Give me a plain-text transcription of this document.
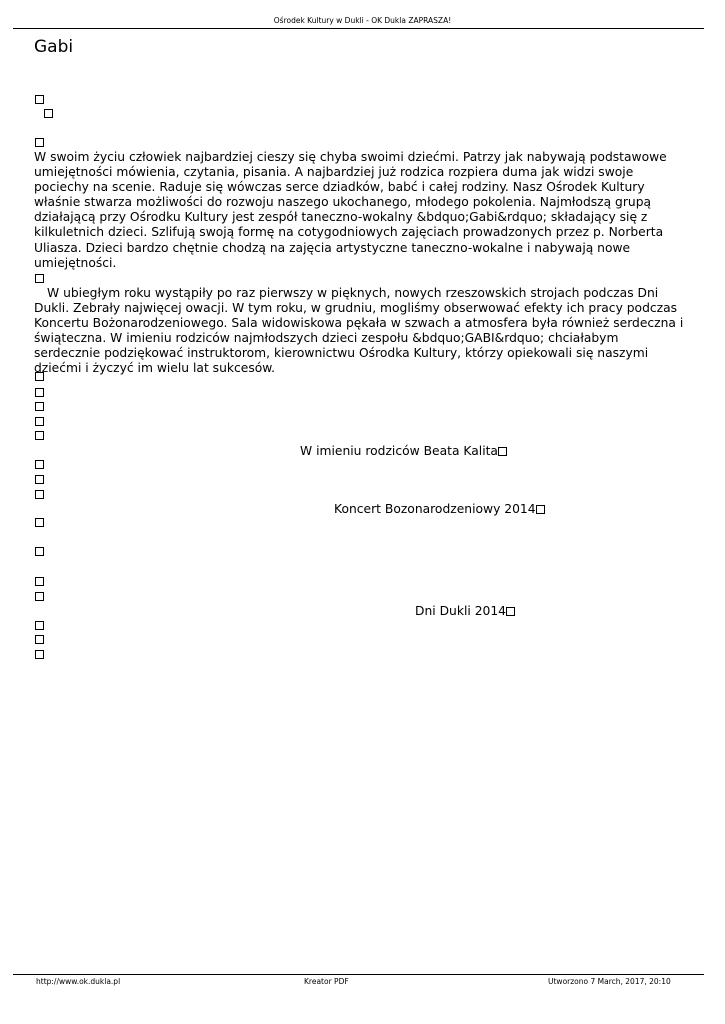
Ośrodek Kultury w Dukli - OK Dukla ZAPRASZA!
Gabi

W swoim życiu człowiek najbardziej cieszy się chyba swoimi dziećmi. Patrzy jak nabywają podstawowe umiejętności mówienia, czytania, pisania. A najbardziej już rodzica rozpiera duma jak widzi swoje pociechy na scenie. Raduje się wówczas serce dziadków, babć i całej rodziny. Nasz Ośrodek Kultury właśnie stwarza możliwości do rozwoju naszego ukochanego, młodego pokolenia. Najmłodszą grupą działającą przy Ośrodku Kultury jest zespół taneczno-wokalny &bdquo;Gabi&rdquo; składający się z kilkuletnich dzieci. Szlifują swoją formę na cotygodniowych zajęciach prowadzonych przez p. Norberta Uliasza. Dzieci bardzo chętnie chodzą na zajęcia artystyczne taneczno-wokalne i nabywają nowe umiejętności.

W ubiegłym roku wystąpiły po raz pierwszy w pięknych, nowych rzeszowskich strojach podczas Dni Dukli. Zebrały najwięcej owacji. W tym roku, w grudniu, mogliśmy obserwować efekty ich pracy podczas Koncertu Bożonarodzeniowego. Sala widowiskowa pękała w szwach a atmosfera była również serdeczna i świąteczna. W imieniu rodziców najmłodszych dzieci zespołu &bdquo;GABI&rdquo; chciałabym serdecznie podziękować instruktorom, kierownictwu Ośrodka Kultury, którzy opiekowali się naszymi dziećmi i życzyć im wielu lat sukcesów.

W imieniu rodziców Beata Kalita
Koncert Bozonarodzeniowy 2014
Dni Dukli 2014
http://www.ok.dukla.pl	Kreator PDF	Utworzono 7 March, 2017, 20:10
